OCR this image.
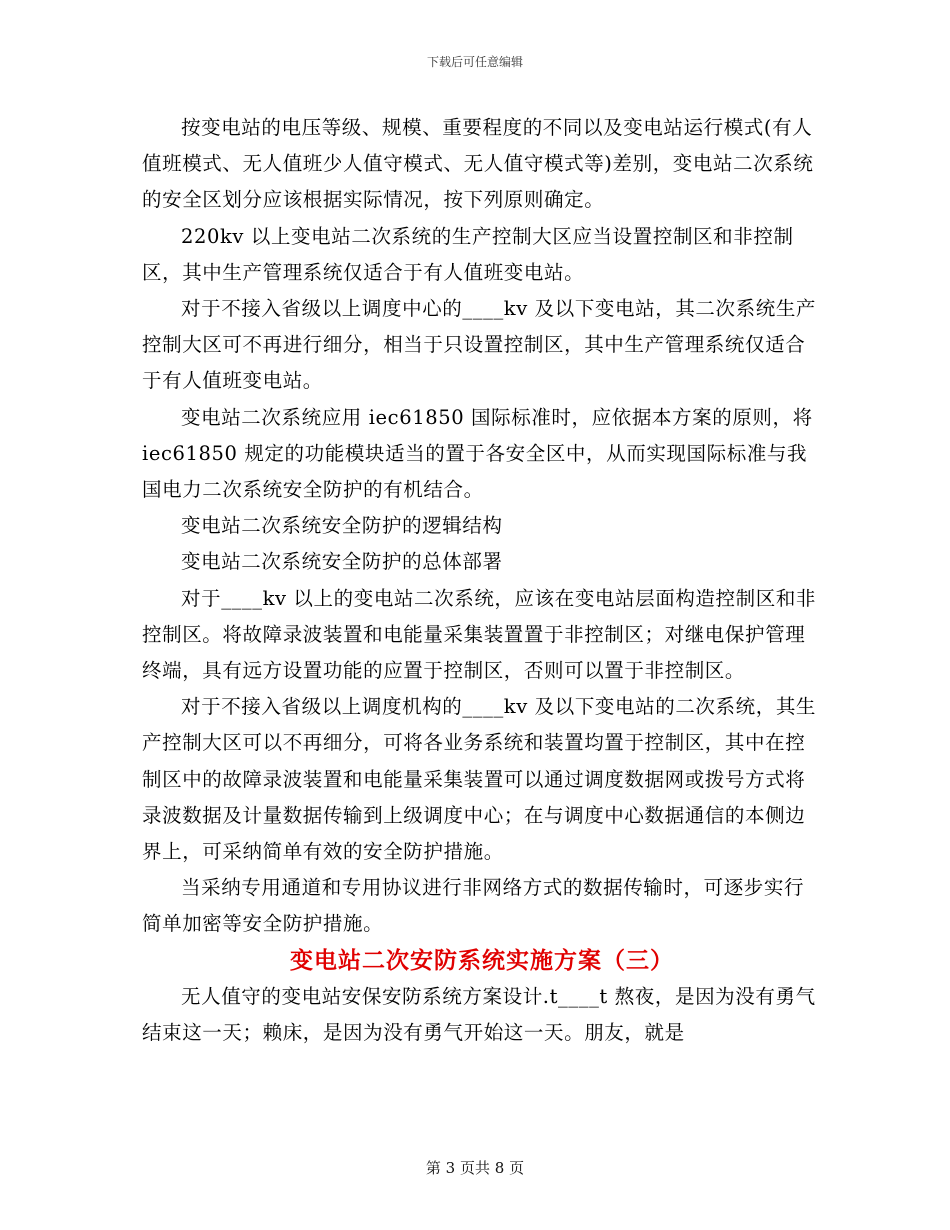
下载后可任意编辑

按变电站的电压等级、规模、重要程度的不同以及变电站运行模式(有人值班模式、无人值班少人值守模式、无人值守模式等)差别，变电站二次系统的安全区划分应该根据实际情况，按下列原则确定。

220kv 以上变电站二次系统的生产控制大区应当设置控制区和非控制区，其中生产管理系统仅适合于有人值班变电站。

对于不接入省级以上调度中心的____kv 及以下变电站，其二次系统生产控制大区可不再进行细分，相当于只设置控制区，其中生产管理系统仅适合于有人值班变电站。

变电站二次系统应用 iec61850 国际标准时，应依据本方案的原则，将 iec61850 规定的功能模块适当的置于各安全区中，从而实现国际标准与我国电力二次系统安全防护的有机结合。

变电站二次系统安全防护的逻辑结构

变电站二次系统安全防护的总体部署

对于____kv 以上的变电站二次系统，应该在变电站层面构造控制区和非控制区。将故障录波装置和电能量采集装置置于非控制区；对继电保护管理终端，具有远方设置功能的应置于控制区，否则可以置于非控制区。

对于不接入省级以上调度机构的____kv 及以下变电站的二次系统，其生产控制大区可以不再细分，可将各业务系统和装置均置于控制区，其中在控制区中的故障录波装置和电能量采集装置可以通过调度数据网或拨号方式将录波数据及计量数据传输到上级调度中心；在与调度中心数据通信的本侧边界上，可采纳简单有效的安全防护措施。

当采纳专用通道和专用协议进行非网络方式的数据传输时，可逐步实行简单加密等安全防护措施。

变电站二次安防系统实施方案（三）

无人值守的变电站安保安防系统方案设计.t____t 熬夜，是因为没有勇气结束这一天；赖床，是因为没有勇气开始这一天。朋友，就是

第 3 页共 8 页
